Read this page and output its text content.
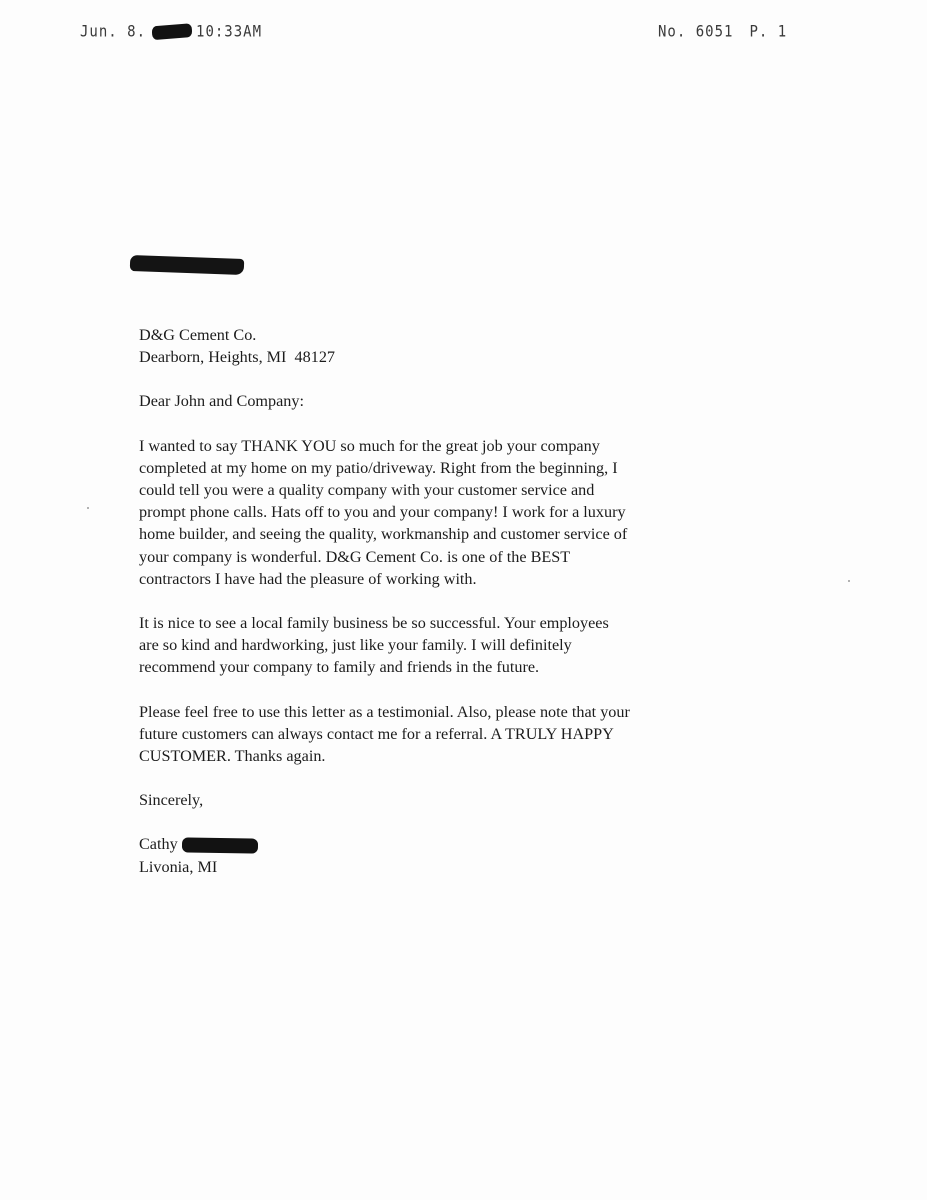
Jun. 8.	10:33AM	No. 6051 P. 1

D&G Cement Co.

Dearborn, Heights, MI  48127

Dear John and Company:

I wanted to say THANK YOU so much for the great job your company
completed at my home on my patio/driveway. Right from the beginning, I
could tell you were a quality company with your customer service and
prompt phone calls. Hats off to you and your company! I work for a luxury
home builder, and seeing the quality, workmanship and customer service of
your company is wonderful. D&G Cement Co. is one of the BEST
contractors I have had the pleasure of working with.

It is nice to see a local family business be so successful. Your employees
are so kind and hardworking, just like your family. I will definitely
recommend your company to family and friends in the future.

Please feel free to use this letter as a testimonial. Also, please note that your
future customers can always contact me for a referral. A TRULY HAPPY
CUSTOMER. Thanks again.

Sincerely,

Cathy

Livonia, MI
